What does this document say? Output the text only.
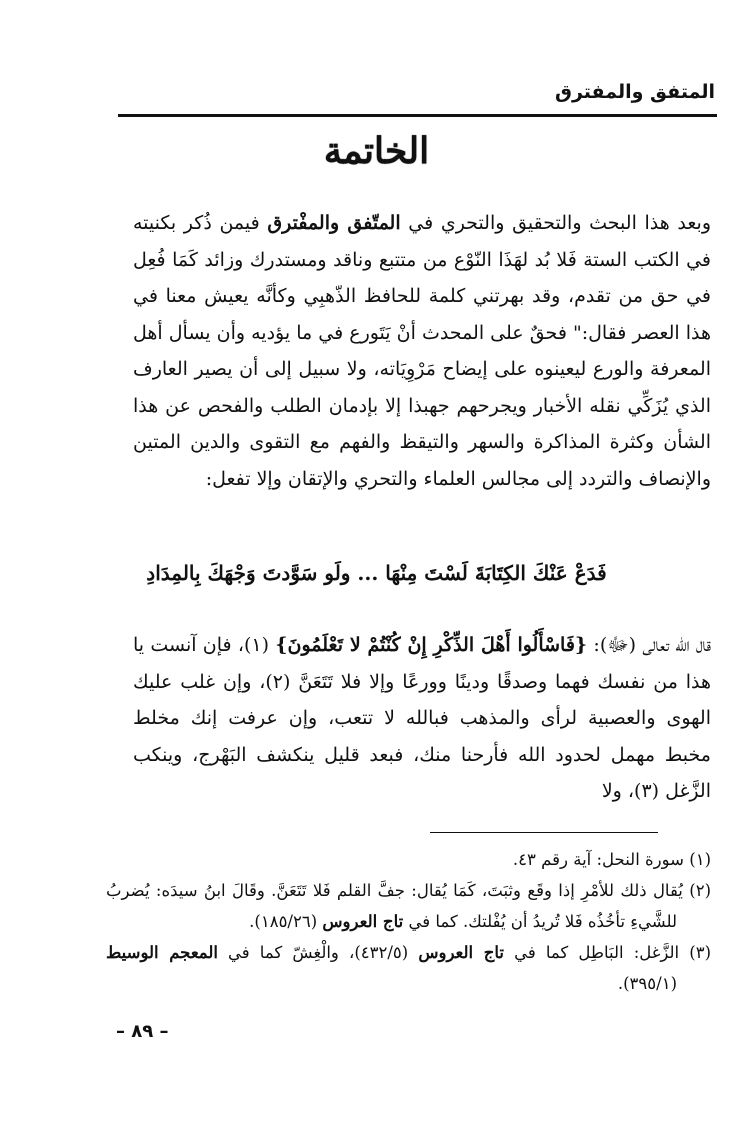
المتفق والمفترق
الخاتمة
وبعد هذا البحث والتحقيق والتحري في المتّفق والمفْترق فيمن ذُكر بكنيته في الكتب الستة فَلا بُد لهَذَا النّوْع من متتبع وناقد ومستدرك وزائد كَمَا فُعِل في حق من تقدم، وقد بهرتني كلمة للحافظ الذّهبِي وكأنَّه يعيش معنا في هذا العصر فقال:" فحقٌ على المحدث أنْ يَتَورع في ما يؤديه وأن يسأل أهل المعرفة والورع ليعينوه على إيضاح مَرْوِيَاته، ولا سبيل إلى أن يصير العارف الذي يُزَكِّي نقله الأخبار ويجرحهم جهبذا إلا بإدمان الطلب والفحص عن هذا الشأن وكثرة المذاكرة والسهر والتيقظ والفهم مع التقوى والدين المتين والإنصاف والتردد إلى مجالس العلماء والتحري والإتقان وإلا تفعل:
فَدَعْ عَنْكَ الكِتَابَةَ لَسْتَ مِنْهَا ... ولَو سَوَّدتَ وَجْهَكَ بِالمِدَادِ
قال الله تعالى (ﷻ): {فَاسْأَلُوا أَهْلَ الذِّكْرِ إِنْ كُنْتُمْ لا تَعْلَمُونَ} (١)، فإن آنست يا هذا من نفسك فهما وصدقًا ودينًا وورعًا وإلا فلا تَتَعَنَّ (٢)، وإن غلب عليك الهوى والعصبية لرأى والمذهب فبالله لا تتعب، وإن عرفت إنك مخلط مخبط مهمل لحدود الله فأرحنا منك، فبعد قليل ينكشف البَهْرج، وينكب الزَّغل (٣)، ولا

(١) سورة النحل: آية رقم ٤٣.

(٢) يُقال ذلك للأمْرِ إذا وقَع وثبَتَ، كَمَا يُقال: جفَّ القلم فَلا تَتَعَنَّ. وقَالَ ابنُ سيدَه: يُضربُ للشَّيءِ تأخُذُه فَلا تُريدُ أن يُفْلتك. كما في تاج العروس (١٨٥/٢٦).

(٣) الزَّغل: البَاطِل كما في تاج العروس (٤٣٢/٥)، والْغِشّ كما في المعجم الوسيط (٣٩٥/١).

– ٨٩ –
